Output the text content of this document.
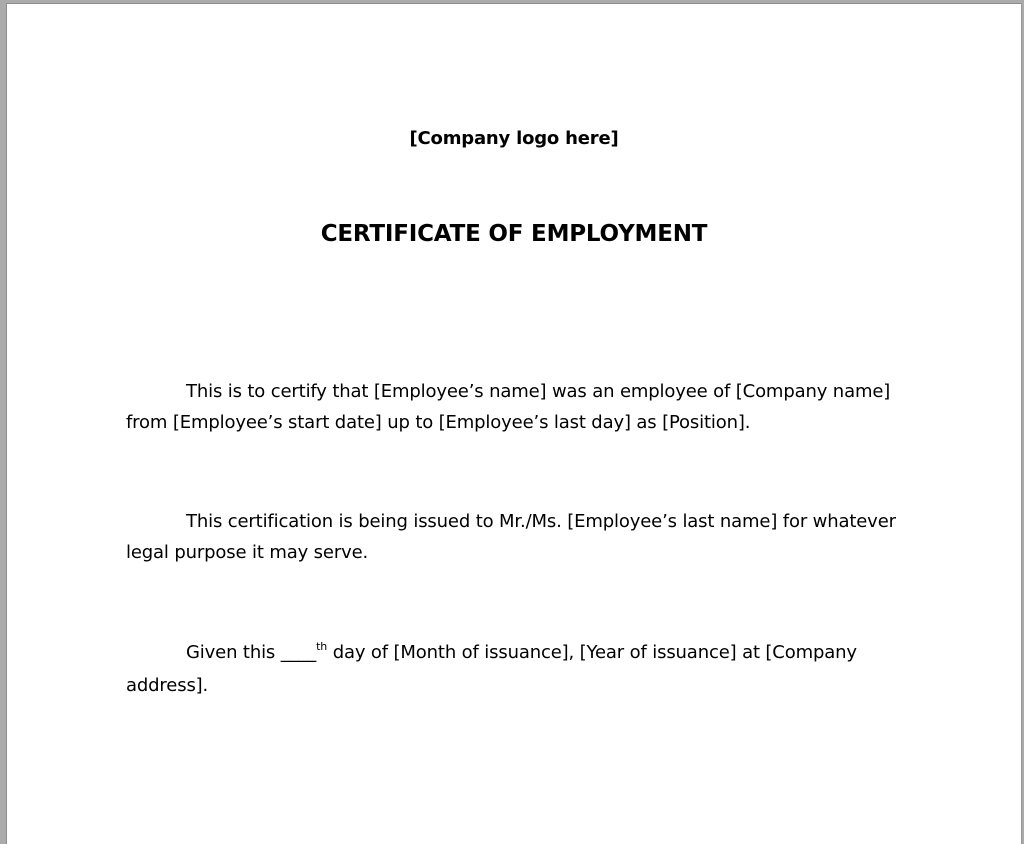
[Company logo here]
CERTIFICATE OF EMPLOYMENT
This is to certify that [Employee’s name] was an employee of [Company name] from [Employee’s start date] up to [Employee’s last day] as [Position].
This certification is being issued to Mr./Ms. [Employee’s last name] for whatever legal purpose it may serve.
Given this ____$^{th}$ day of [Month of issuance], [Year of issuance] at [Company address].
